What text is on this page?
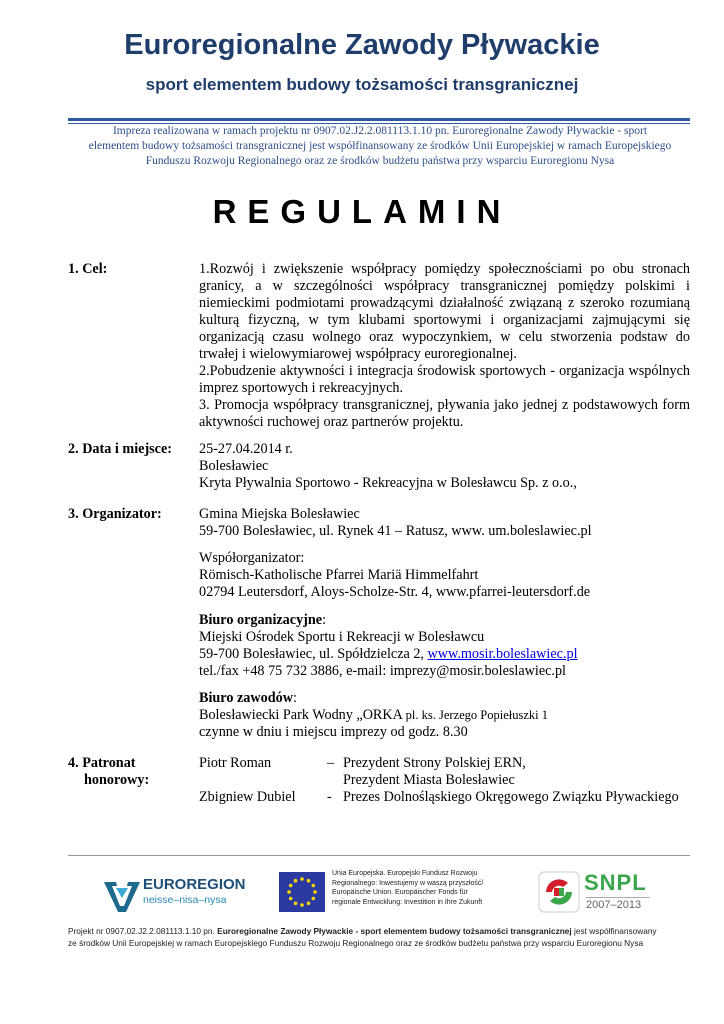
Euroregionalne Zawody Pływackie
sport elementem budowy tożsamości transgranicznej
Impreza realizowana w ramach projektu nr 0907.02.J2.2.081113.1.10 pn. Euroregionalne Zawody Pływackie - sport
elementem budowy tożsamości transgranicznej jest współfinansowany ze środków Unii Europejskiej w ramach Europejskiego
Funduszu Rozwoju Regionalnego oraz ze środków budżetu państwa przy wsparciu Euroregionu Nysa
REGULAMIN
1. Cel:	1.Rozwój i zwiększenie współpracy pomiędzy społecznościami po obu stronach granicy, a w szczególności współpracy transgranicznej pomiędzy polskimi i niemieckimi podmiotami prowadzącymi działalność związaną z szeroko rozumianą kulturą fizyczną, w tym klubami sportowymi i organizacjami zajmującymi się organizacją czasu wolnego oraz wypoczynkiem, w celu stworzenia podstaw do trwałej i wielowymiarowej współpracy euroregionalnej.
2.Pobudzenie aktywności i integracja środowisk sportowych - organizacja wspólnych imprez sportowych i rekreacyjnych.
3. Promocja współpracy transgranicznej, pływania jako jednej z podstawowych form aktywności ruchowej oraz partnerów projektu.
2. Data i miejsce: 25-27.04.2014 r.
Bolesławiec
Kryta Pływalnia Sportowo - Rekreacyjna w Bolesławcu Sp. z o.o.,
3. Organizator:	Gmina Miejska Bolesławiec
59-700 Bolesławiec, ul. Rynek 41 – Ratusz, www. um.boleslawiec.pl
Współorganizator:
Römisch-Katholische Pfarrei Mariä Himmelfahrt
02794 Leutersdorf, Aloys-Scholze-Str. 4, www.pfarrei-leutersdorf.de
Biuro organizacyjne:
Miejski Ośrodek Sportu i Rekreacji w Bolesławcu
59-700 Bolesławiec, ul. Spółdzielcza 2, www.mosir.boleslawiec.pl
tel./fax +48 75 732 3886, e-mail: imprezy@mosir.boleslawiec.pl
Biuro zawodów:
Bolesławiecki Park Wodny „ORKA pl. ks. Jerzego Popiełuszki 1
czynne w dniu i miejscu imprezy od godz. 8.30
4. Patronat
honorowy:
Piotr Roman	– Prezydent Strony Polskiej ERN,
Prezydent Miasta Bolesławiec
Zbigniew Dubiel - Prezes Dolnośląskiego Okręgowego Związku Pływackiego
EUROREGION
neisse–nisa–nysa
Unia Europejska. Europejski Fundusz Rozwoju
Regionalnego: Inwestujemy w waszą przyszłość/
Europäische Union. Europäischer Fonds für
regionale Entwicklung: Investition in Ihre Zukunft
SNPL
2007–2013
Projekt nr 0907.02.J2.2.081113.1.10 pn. Euroregionalne Zawody Pływackie - sport elementem budowy tożsamości transgranicznej jest współfinansowany
ze środków Unii Europejskiej w ramach Europejskiego Funduszu Rozwoju Regionalnego oraz ze środków budżetu państwa przy wsparciu Euroregionu Nysa
